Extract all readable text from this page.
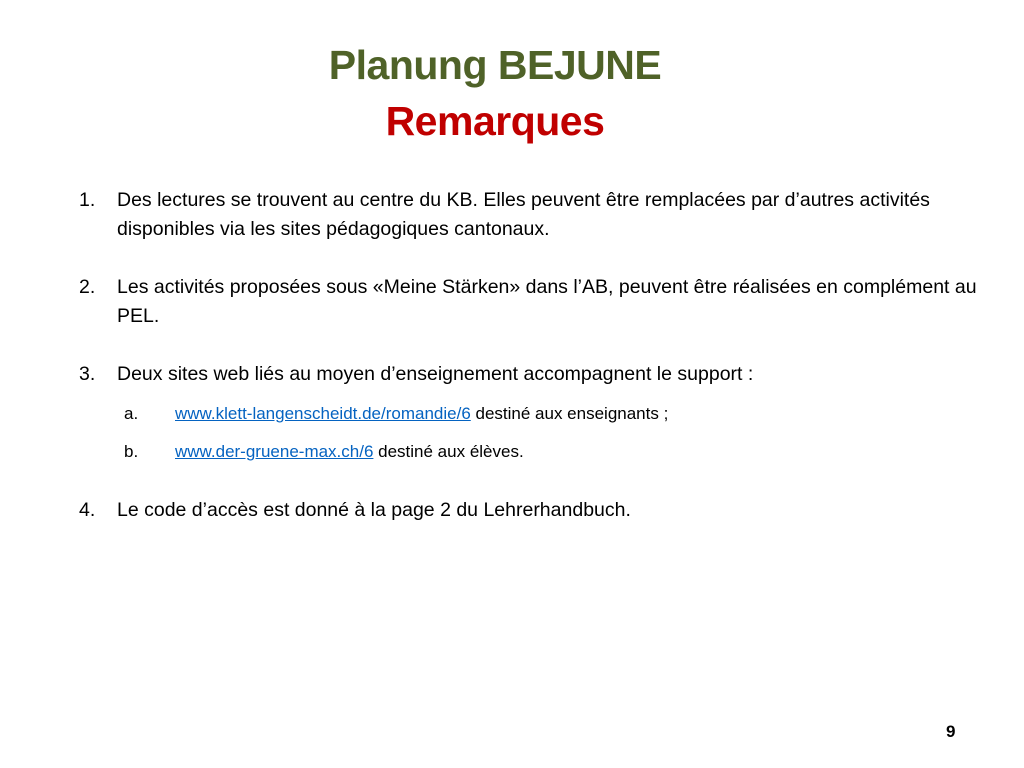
Planung BEJUNE
Remarques
1. Des lectures se trouvent au centre du KB. Elles peuvent être remplacées par d’autres activités disponibles via les sites pédagogiques cantonaux.
2. Les activités proposées sous «Meine Stärken» dans l’AB, peuvent être réalisées en complément au PEL.
3. Deux sites web liés au moyen d’enseignement accompagnent le support :
a. www.klett-langenscheidt.de/romandie/6 destiné aux enseignants ;
b. www.der-gruene-max.ch/6 destiné aux élèves.
4. Le code d’accès est donné à la page 2 du Lehrerhandbuch.
9
